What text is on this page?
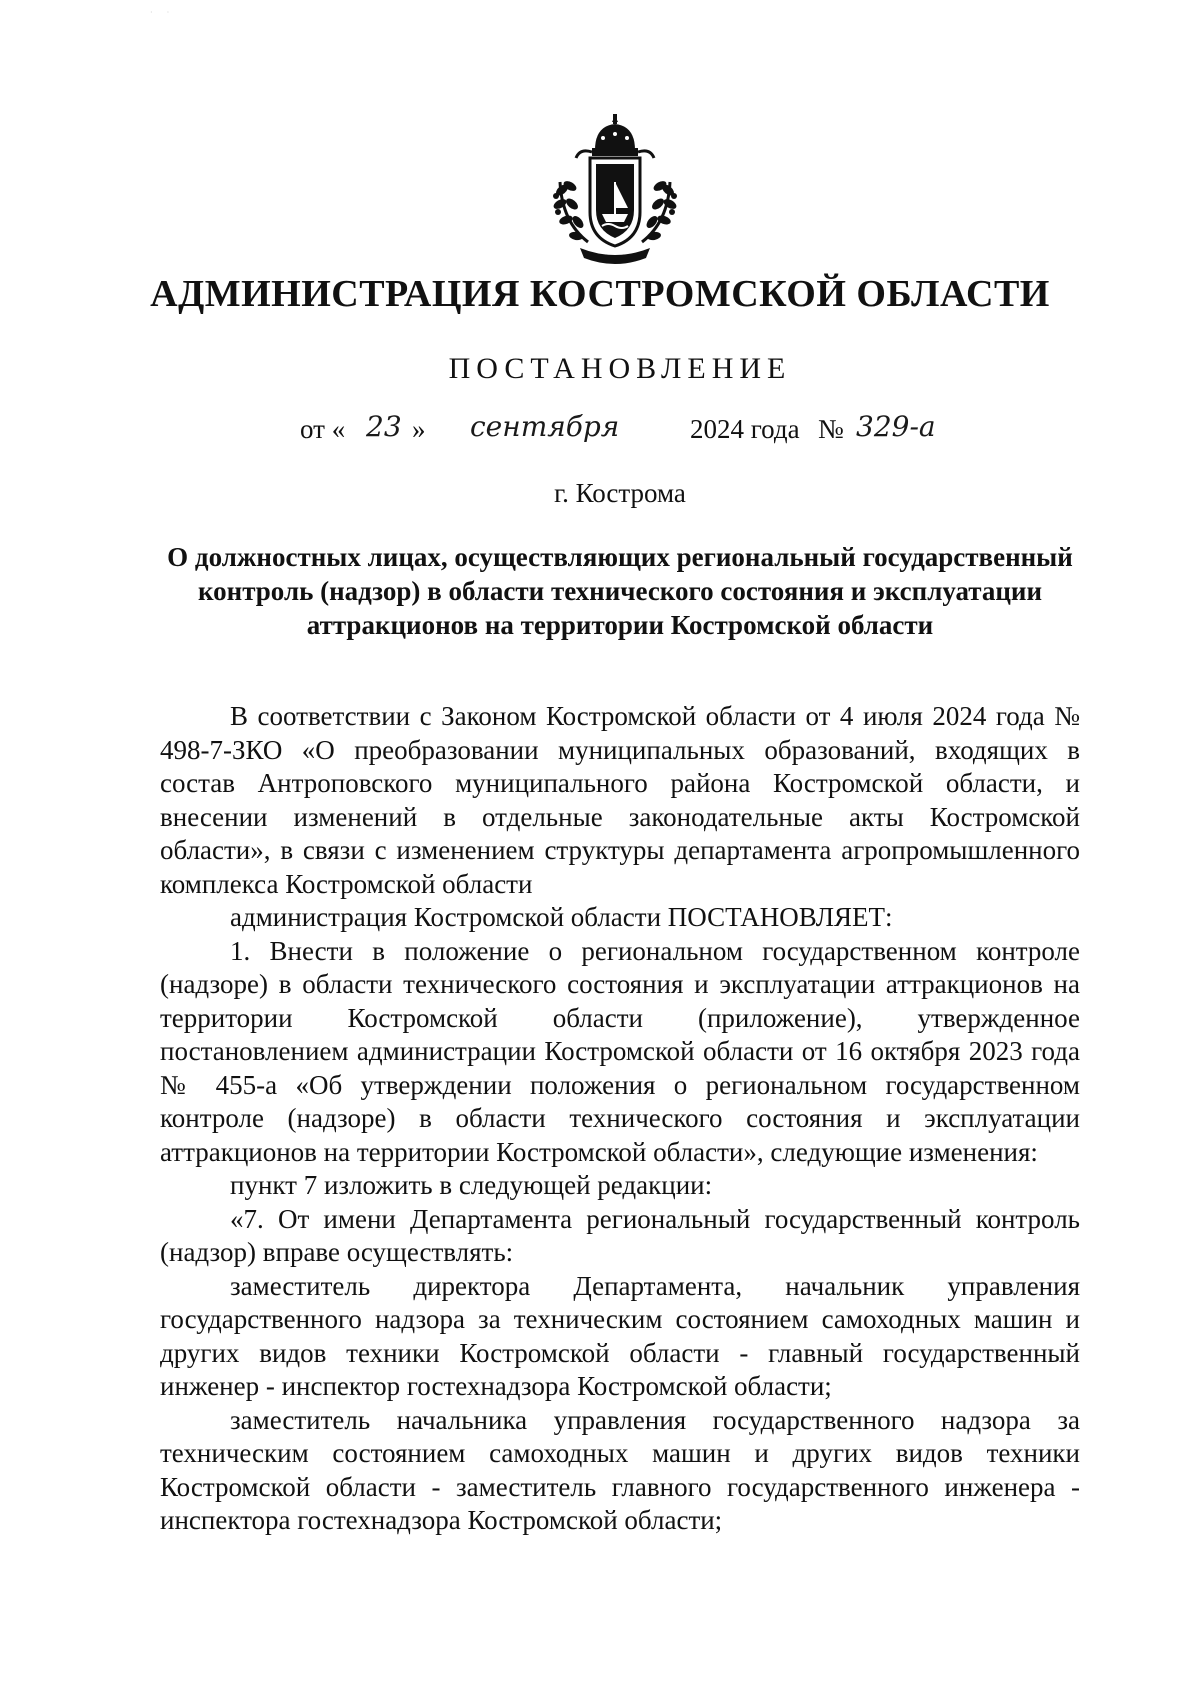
· ·
АДМИНИСТРАЦИЯ КОСТРОМСКОЙ ОБЛАСТИ
ПОСТАНОВЛЕНИЕ
от « 23 » сентября	2024 года № 329-а
г. Кострома
О должностных лицах, осуществляющих региональный государственный контроль (надзор) в области технического состояния и эксплуатации аттракционов на территории Костромской области

В соответствии с Законом Костромской области от 4 июля 2024 года № 498-7-ЗКО «О преобразовании муниципальных образований, входящих в состав Антроповского муниципального района Костромской области, и внесении изменений в отдельные законодательные акты Костромской области», в связи с изменением структуры департамента агропромышленного комплекса Костромской области

администрация Костромской области ПОСТАНОВЛЯЕТ:

1. Внести в положение о региональном государственном контроле (надзоре) в области технического состояния и эксплуатации аттракционов на территории Костромской области (приложение), утвержденное постановлением администрации Костромской области от 16 октября 2023 года № 455-а «Об утверждении положения о региональном государственном контроле (надзоре) в области технического состояния и эксплуатации аттракционов на территории Костромской области», следующие изменения:

пункт 7 изложить в следующей редакции:

«7. От имени Департамента региональный государственный контроль (надзор) вправе осуществлять:

заместитель директора Департамента, начальник управления государственного надзора за техническим состоянием самоходных машин и других видов техники Костромской области - главный государственный инженер - инспектор гостехнадзора Костромской области;

заместитель начальника управления государственного надзора за техническим состоянием самоходных машин и других видов техники Костромской области - заместитель главного государственного инженера - инспектора гостехнадзора Костромской области;
